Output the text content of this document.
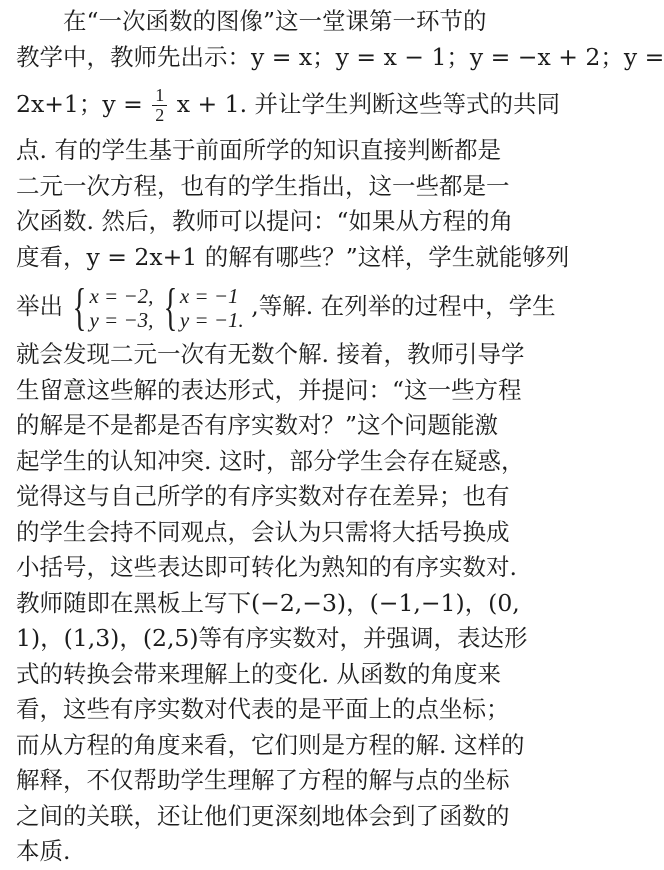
　　在“一次函数的图像”这一堂课第一环节的
教学中，教师先出示：y = x；y = x − 1；y = −x + 2；y =
2x+1；$y = \frac{1}{2}$ x + 1. 并让学生判断这些等式的共同
点. 有的学生基于前面所学的知识直接判断都是
二元一次方程，也有的学生指出，这一些都是一
次函数. 然后，教师可以提问：“如果从方程的角
度看，y = 2x+1 的解有哪些？”这样，学生就能够列
举出 { x = −2,
y = −3,
{ x = −1
y = −1. ,等解. 在列举的过程中，学生
就会发现二元一次有无数个解. 接着，教师引导学
生留意这些解的表达形式，并提问：“这一些方程
的解是不是都是否有序实数对？”这个问题能激
起学生的认知冲突. 这时，部分学生会存在疑惑，
觉得这与自己所学的有序实数对存在差异；也有
的学生会持不同观点，会认为只需将大括号换成
小括号，这些表达即可转化为熟知的有序实数对.
教师随即在黑板上写下(−2,−3)，(−1,−1)，(0,
1)，(1,3)，(2,5)等有序实数对，并强调，表达形
式的转换会带来理解上的变化. 从函数的角度来
看，这些有序实数对代表的是平面上的点坐标；
而从方程的角度来看，它们则是方程的解. 这样的
解释，不仅帮助学生理解了方程的解与点的坐标
之间的关联，还让他们更深刻地体会到了函数的
本质.
